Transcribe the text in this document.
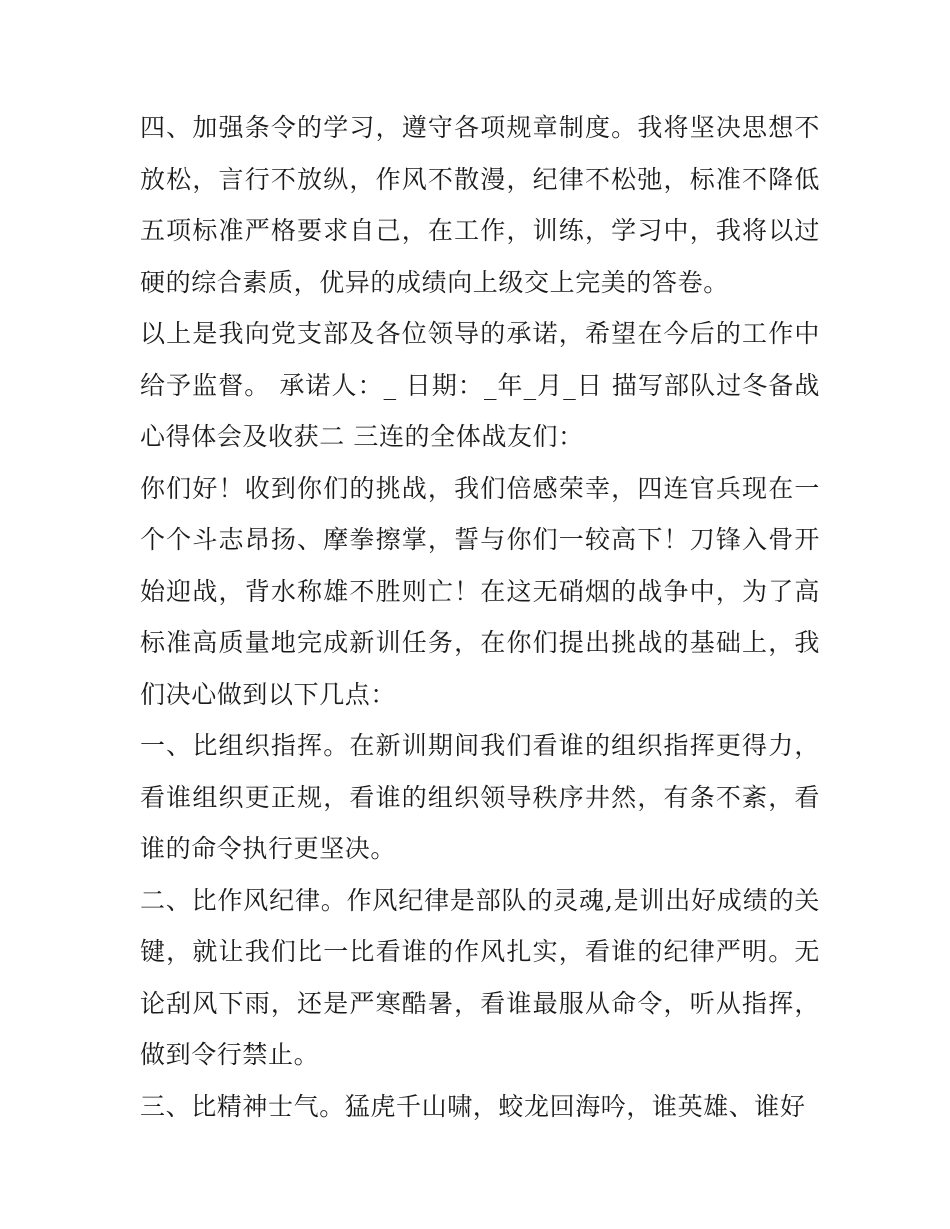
四、加强条令的学习，遵守各项规章制度。我将坚决思想不放松，言行不放纵，作风不散漫，纪律不松弛，标准不降低五项标准严格要求自己，在工作，训练，学习中，我将以过硬的综合素质，优异的成绩向上级交上完美的答卷。

以上是我向党支部及各位领导的承诺，希望在今后的工作中给予监督。 承诺人：_ 日期：_年_月_日 描写部队过冬备战心得体会及收获二 三连的全体战友们：

你们好！收到你们的挑战，我们倍感荣幸，四连官兵现在一个个斗志昂扬、摩拳擦掌，誓与你们一较高下！刀锋入骨开始迎战，背水称雄不胜则亡！在这无硝烟的战争中，为了高标准高质量地完成新训任务，在你们提出挑战的基础上，我们决心做到以下几点：

一、比组织指挥。在新训期间我们看谁的组织指挥更得力，看谁组织更正规，看谁的组织领导秩序井然，有条不紊，看谁的命令执行更坚决。

二、比作风纪律。作风纪律是部队的灵魂,是训出好成绩的关键，就让我们比一比看谁的作风扎实，看谁的纪律严明。无论刮风下雨，还是严寒酷暑，看谁最服从命令，听从指挥，做到令行禁止。

三、比精神士气。猛虎千山啸，蛟龙回海吟，谁英雄、谁好
